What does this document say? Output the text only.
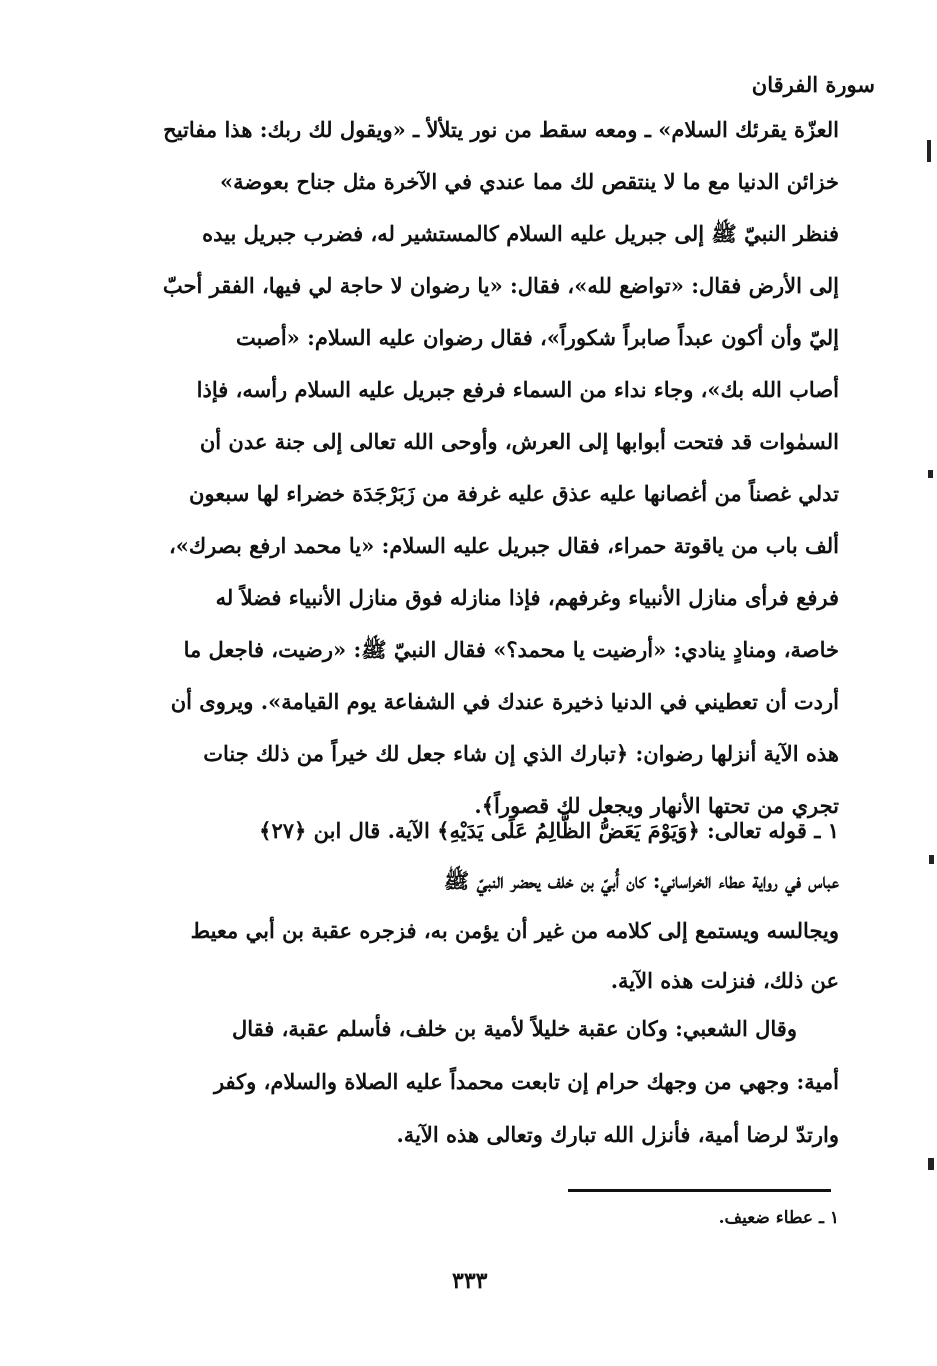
سورة الفرقان
العزّة يقرئك السلام» ـ ومعه سقط من نور يتلألأ ـ «ويقول لك ربك: هذا مفاتيح
خزائن الدنيا مع ما لا ينتقص لك مما عندي في الآخرة مثل جناح بعوضة»
فنظر النبيّ ﷺ إلى جبريل عليه السلام كالمستشير له، فضرب جبريل بيده
إلى الأرض فقال: «تواضع لله»، فقال: «يا رضوان لا حاجة لي فيها، الفقر أحبّ
إليّ وأن أكون عبداً صابراً شكوراً»، فقال رضوان عليه السلام: «أصبت
أصاب الله بك»، وجاء نداء من السماء فرفع جبريل عليه السلام رأسه، فإذا
السمٰوات قد فتحت أبوابها إلى العرش، وأوحى الله تعالى إلى جنة عدن أن
تدلي غصناً من أغصانها عليه عذق عليه غرفة من زَبَرْجَدَة خضراء لها سبعون
ألف باب من ياقوتة حمراء، فقال جبريل عليه السلام: «يا محمد ارفع بصرك»،
فرفع فرأى منازل الأنبياء وغرفهم، فإذا منازله فوق منازل الأنبياء فضلاً له
خاصة، ومنادٍ ينادي: «أرضيت يا محمد؟» فقال النبيّ ﷺ: «رضيت، فاجعل ما
أردت أن تعطيني في الدنيا ذخيرة عندك في الشفاعة يوم القيامة». ويروى أن
هذه الآية أنزلها رضوان: ﴿تبارك الذي إن شاء جعل لك خيراً من ذلك جنات
تجري من تحتها الأنهار ويجعل لك قصوراً﴾.
١ ـ قوله تعالى: ﴿وَيَوْمَ يَعَضُّ الظَّالِمُ عَلَى يَدَيْهِ﴾ الآية. قال ابن ﴿٢٧﴾
عباس في رواية عطاء الخراساني: كان أُبيّ بن خلف يحضر النبيّ ﷺ
ويجالسه ويستمع إلى كلامه من غير أن يؤمن به، فزجره عقبة بن أبي معيط
عن ذلك، فنزلت هذه الآية.
وقال الشعبي: وكان عقبة خليلاً لأمية بن خلف، فأسلم عقبة، فقال
أمية: وجهي من وجهك حرام إن تابعت محمداً عليه الصلاة والسلام، وكفر
وارتدّ لرضا أمية، فأنزل الله تبارك وتعالى هذه الآية.
١ ـ عطاء ضعيف.
٣٣٣
